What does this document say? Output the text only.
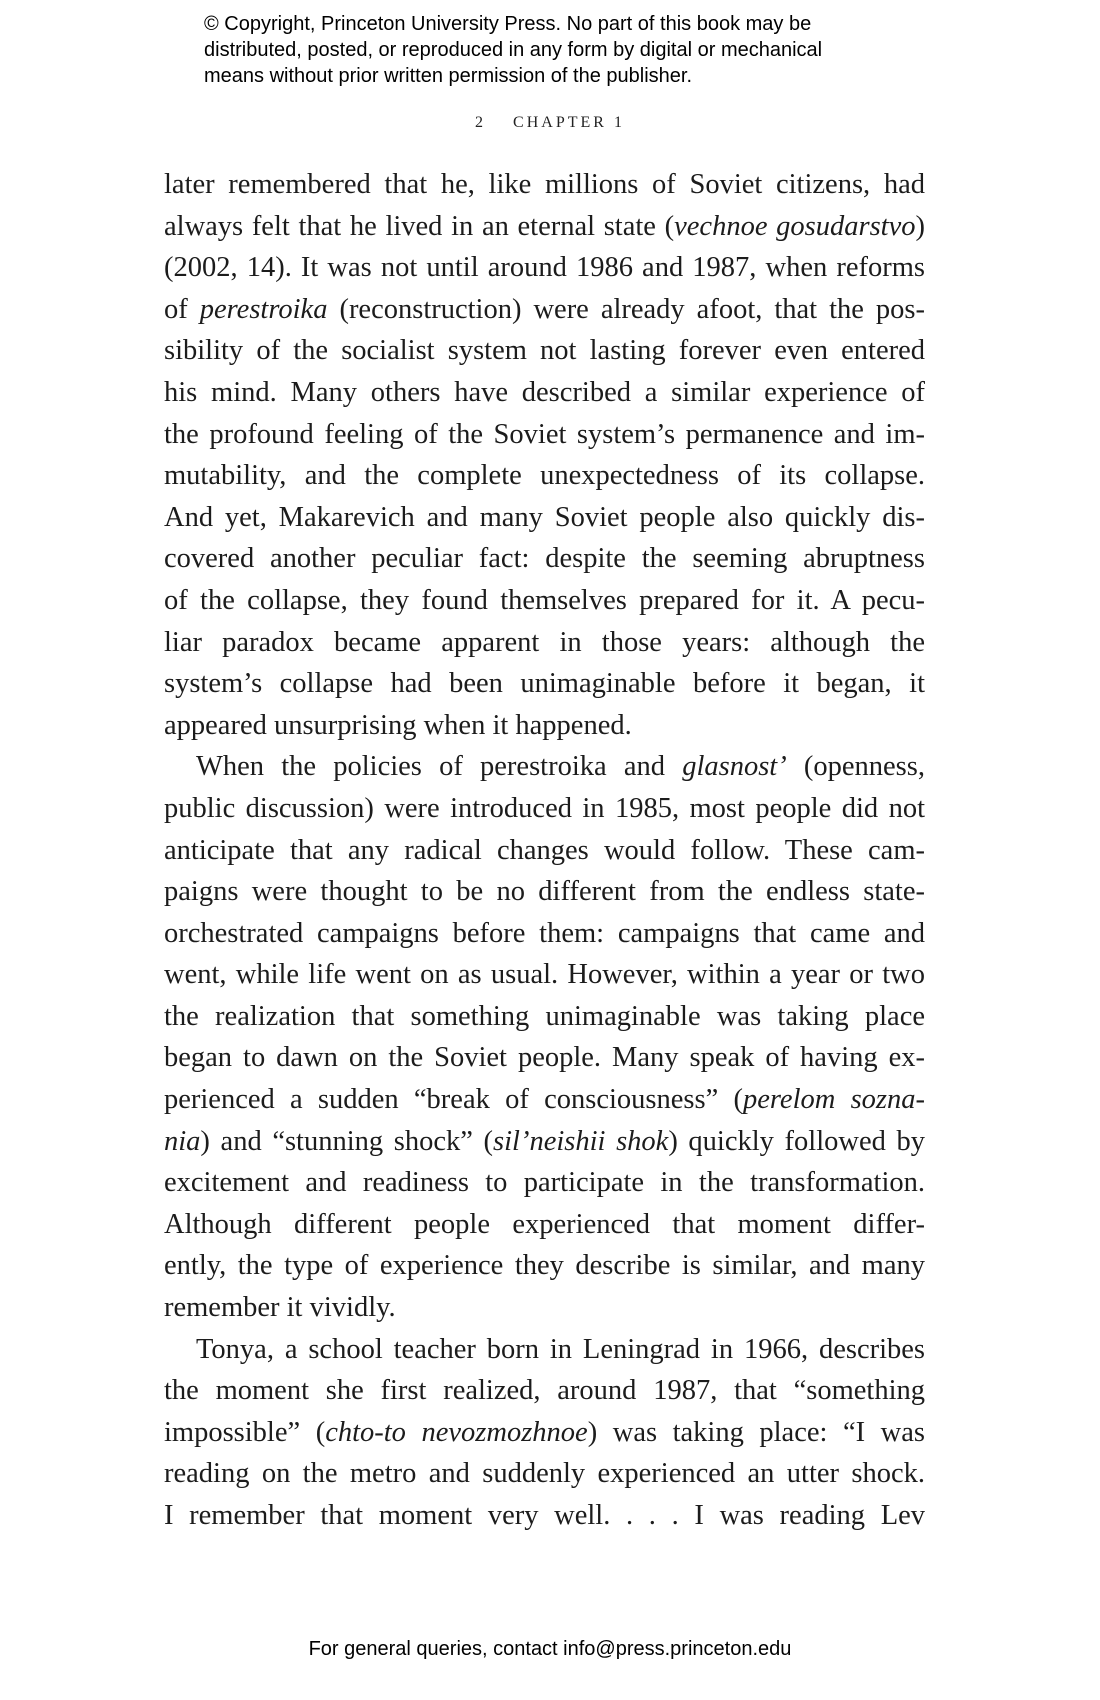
© Copyright, Princeton University Press. No part of this book may be
distributed, posted, or reproduced in any form by digital or mechanical
means without prior written permission of the publisher.
2 CHAPTER 1
later remembered that he, like millions of Soviet citizens, had
always felt that he lived in an eternal state (vechnoe gosudarstvo)
(2002, 14). It was not until around 1986 and 1987, when reforms
of perestroika (reconstruction) were already afoot, that the pos-
sibility of the socialist system not lasting forever even entered
his mind. Many others have described a similar experience of
the profound feeling of the Soviet system’s permanence and im-
mutability, and the complete unexpectedness of its collapse.
And yet, Makarevich and many Soviet people also quickly dis-
covered another peculiar fact: despite the seeming abruptness
of the collapse, they found themselves prepared for it. A pecu-
liar paradox became apparent in those years: although the
system’s collapse had been unimaginable before it began, it
appeared unsurprising when it happened.
When the policies of perestroika and glasnost’ (openness,
public discussion) were introduced in 1985, most people did not
anticipate that any radical changes would follow. These cam-
paigns were thought to be no different from the endless state-
orchestrated campaigns before them: campaigns that came and
went, while life went on as usual. However, within a year or two
the realization that something unimaginable was taking place
began to dawn on the Soviet people. Many speak of having ex-
perienced a sudden “break of consciousness” (perelom sozna-
nia) and “stunning shock” (sil’neishii shok) quickly followed by
excitement and readiness to participate in the transformation.
Although different people experienced that moment differ-
ently, the type of experience they describe is similar, and many
remember it vividly.
Tonya, a school teacher born in Leningrad in 1966, describes
the moment she first realized, around 1987, that “something
impossible” (chto-to nevozmozhnoe) was taking place: “I was
reading on the metro and suddenly experienced an utter shock.
I remember that moment very well. . . . I was reading Lev
For general queries, contact info@press.princeton.edu
